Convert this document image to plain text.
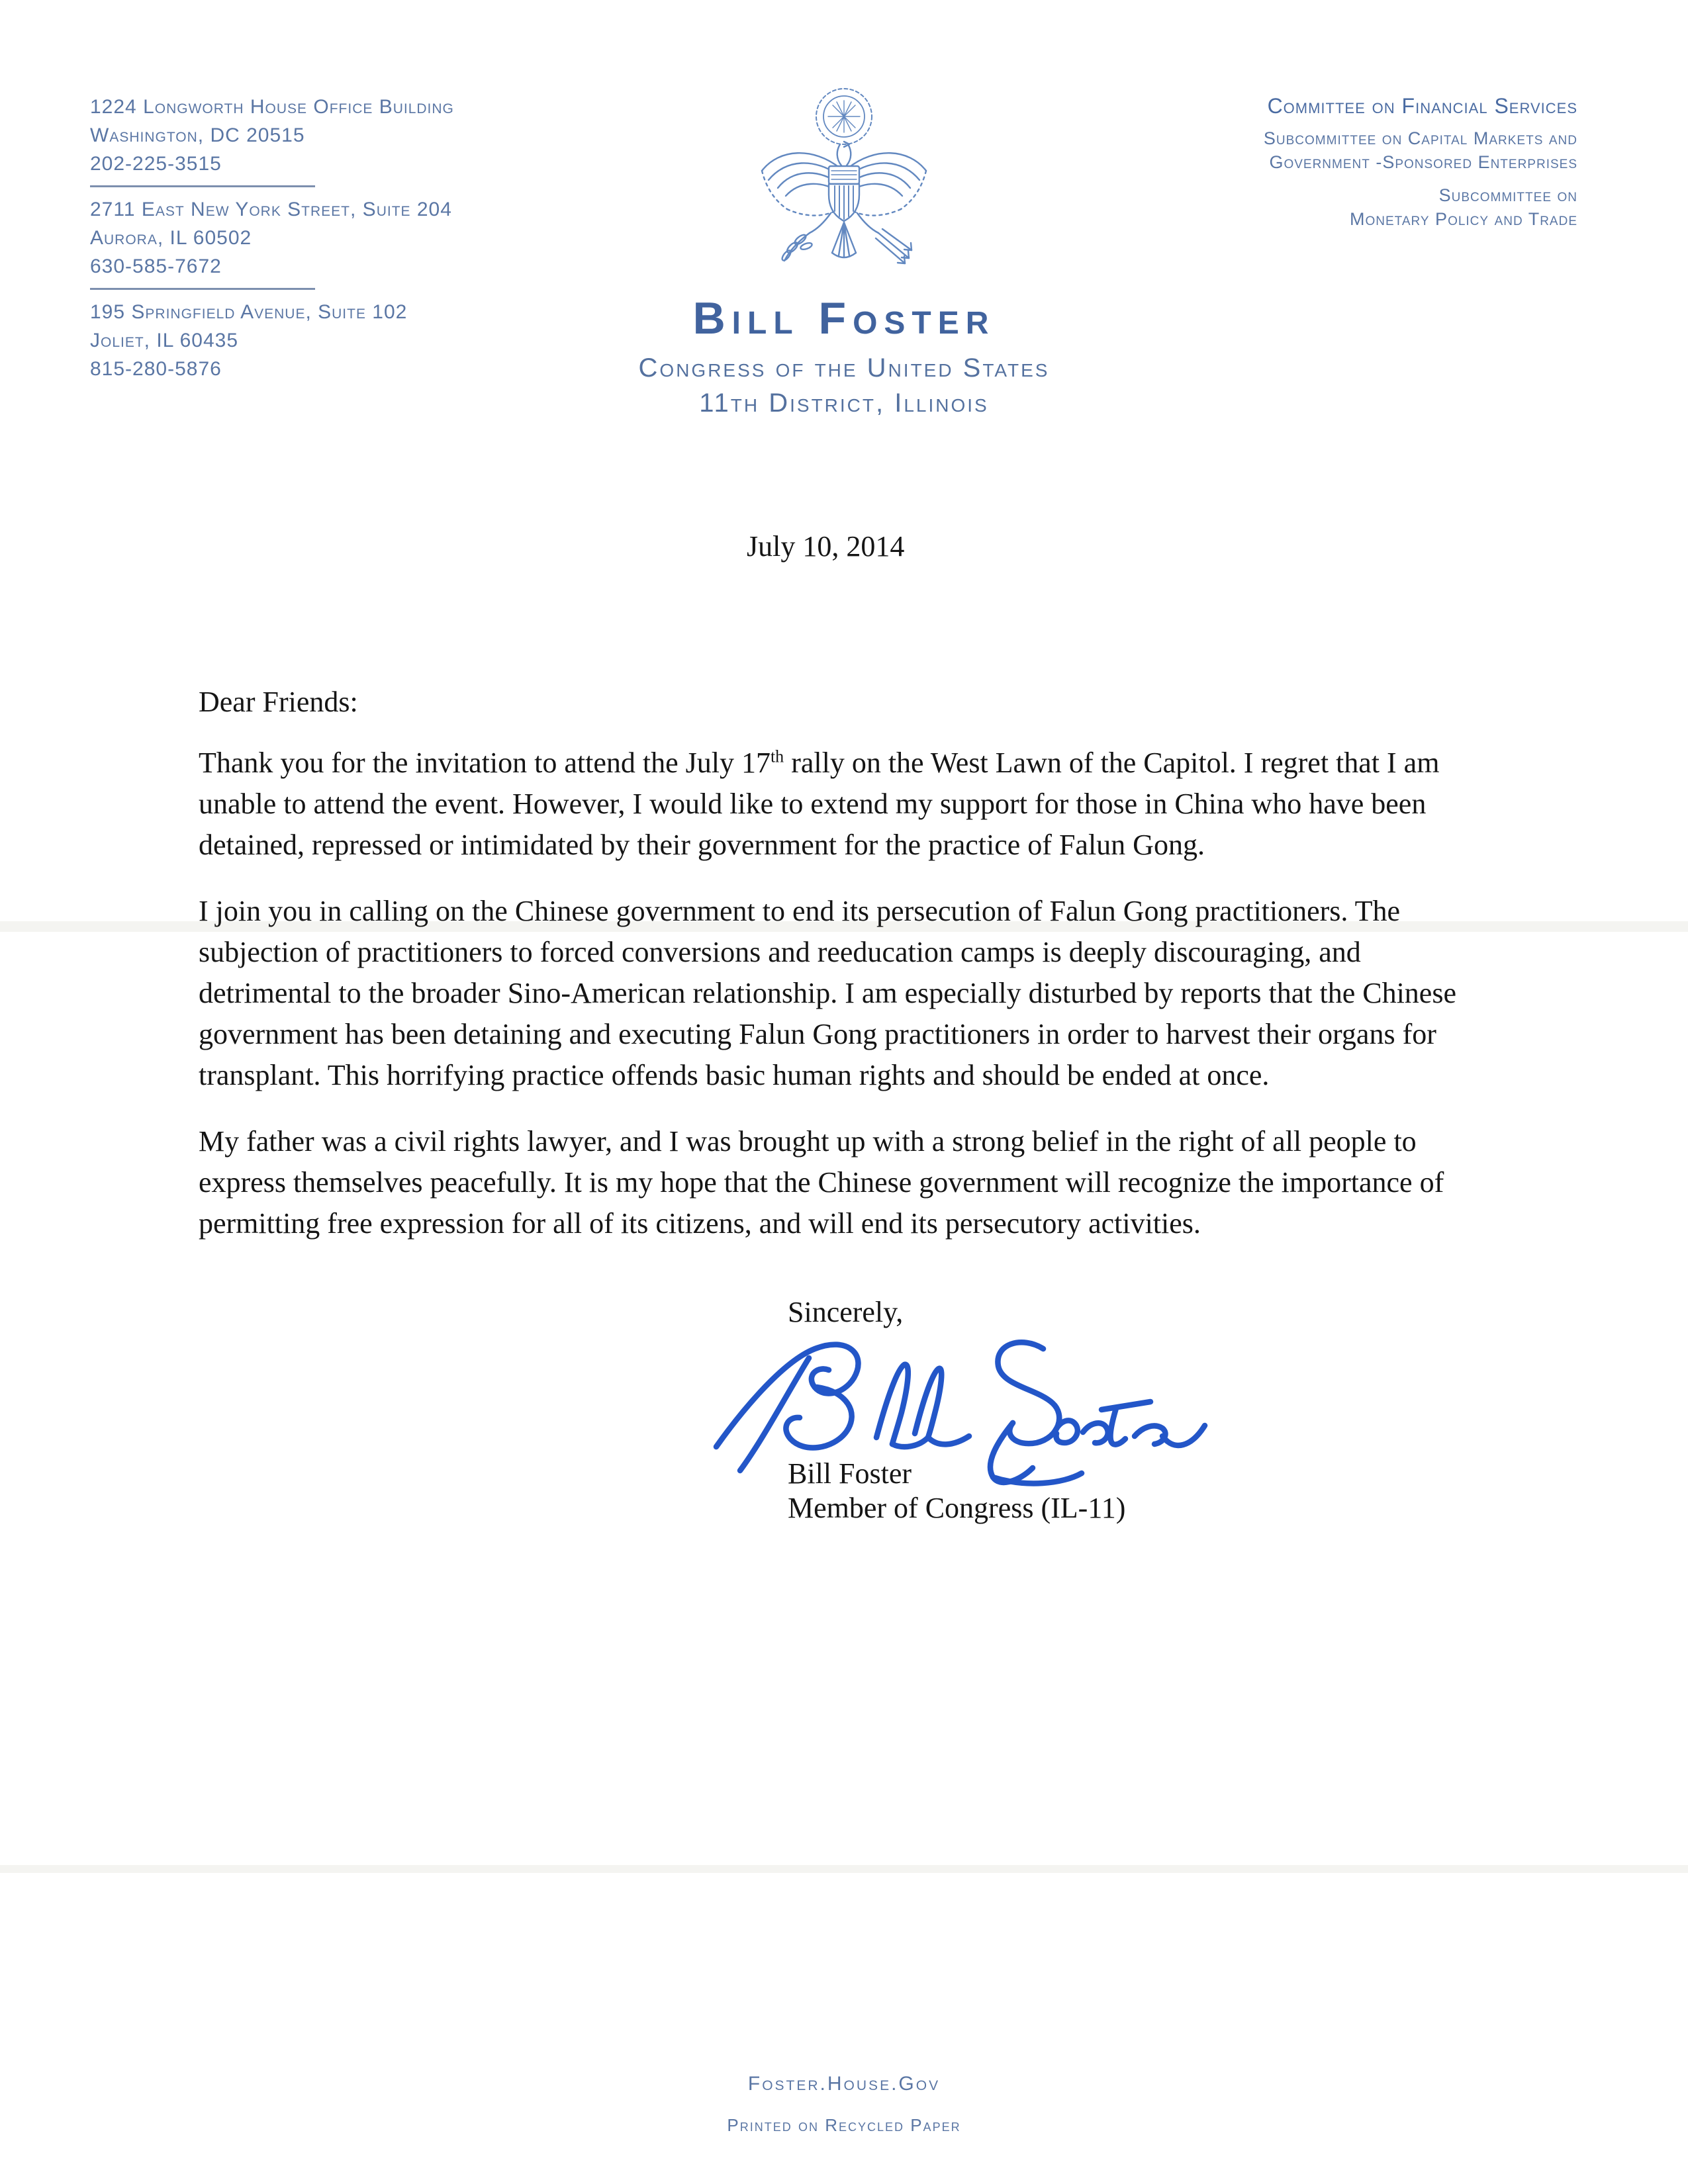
1224 Longworth House Office Building
Washington, DC 20515
202-225-3515
2711 East New York Street, Suite 204
Aurora, IL 60502
630-585-7672
195 Springfield Avenue, Suite 102
Joliet, IL 60435
815-280-5876
Committee on Financial Services
Subcommittee on Capital Markets and
Government -Sponsored Enterprises
Subcommittee on
Monetary Policy and Trade
Bill Foster
Congress of the United States
11th District, Illinois

July 10, 2014

Dear Friends:

Thank you for the invitation to attend the July 17th rally on the West Lawn of the Capitol. I regret that I am unable to attend the event. However, I would like to extend my support for those in China who have been detained, repressed or intimidated by their government for the practice of Falun Gong.

I join you in calling on the Chinese government to end its persecution of Falun Gong practitioners. The subjection of practitioners to forced conversions and reeducation camps is deeply discouraging, and detrimental to the broader Sino-American relationship. I am especially disturbed by reports that the Chinese government has been detaining and executing Falun Gong practitioners in order to harvest their organs for transplant. This horrifying practice offends basic human rights and should be ended at once.

My father was a civil rights lawyer, and I was brought up with a strong belief in the right of all people to express themselves peacefully. It is my hope that the Chinese government will recognize the importance of permitting free expression for all of its citizens, and will end its persecutory activities.

Sincerely,

Bill Foster

Member of Congress (IL-11)

Foster.House.Gov
Printed on Recycled Paper
